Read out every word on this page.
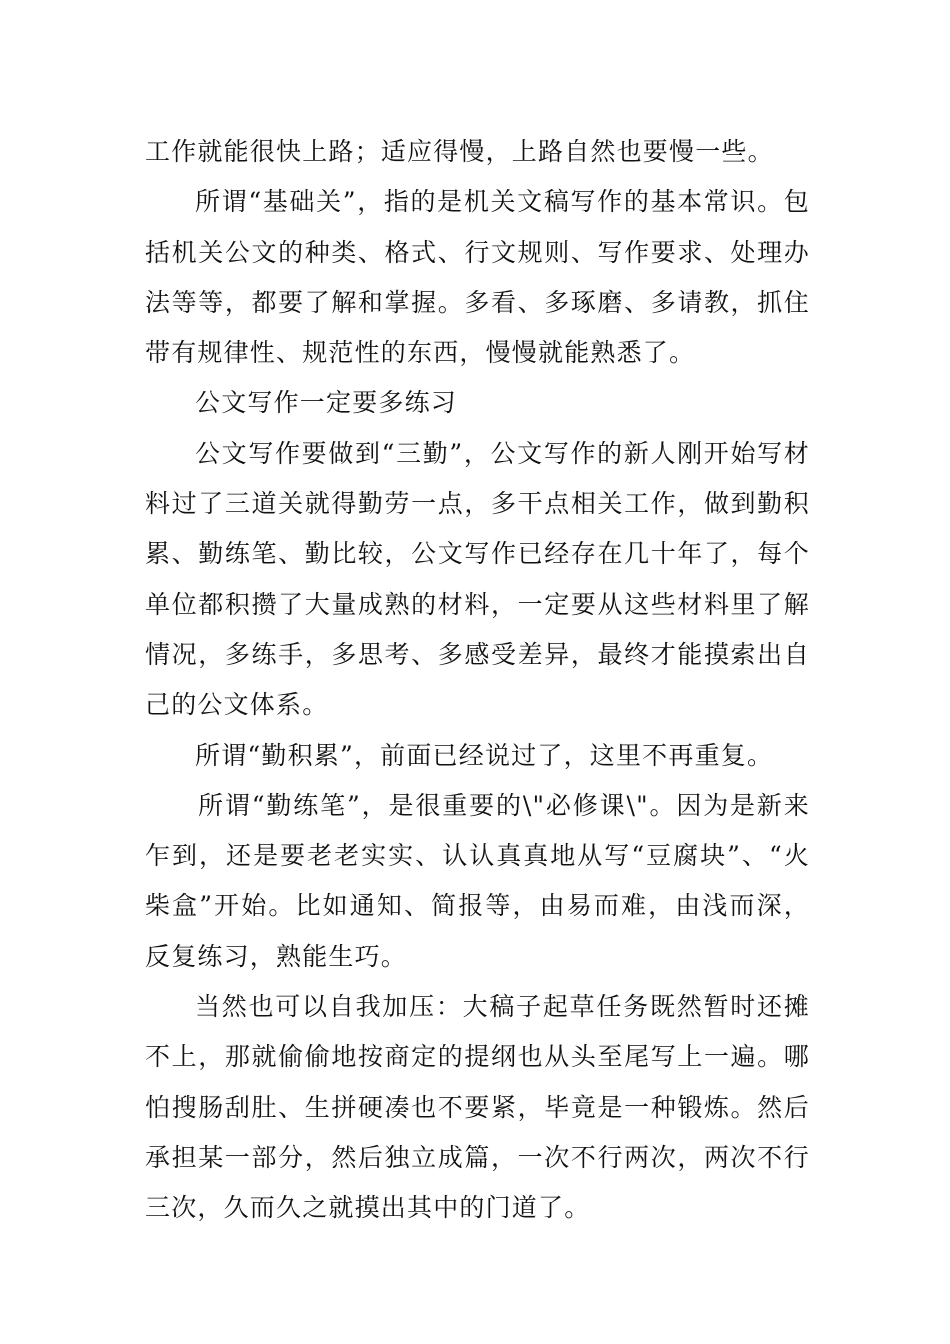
工作就能很快上路；适应得慢，上路自然也要慢一些。

所谓“基础关”，指的是机关文稿写作的基本常识。包括机关公文的种类、格式、行文规则、写作要求、处理办法等等，都要了解和掌握。多看、多琢磨、多请教，抓住带有规律性、规范性的东西，慢慢就能熟悉了。

公文写作一定要多练习

公文写作要做到“三勤”，公文写作的新人刚开始写材料过了三道关就得勤劳一点，多干点相关工作，做到勤积累、勤练笔、勤比较，公文写作已经存在几十年了，每个单位都积攒了大量成熟的材料，一定要从这些材料里了解情况，多练手，多思考、多感受差异，最终才能摸索出自己的公文体系。

所谓“勤积累”，前面已经说过了，这里不再重复。

所谓“勤练笔”，是很重要的\"必修课\"。因为是新来乍到，还是要老老实实、认认真真地从写“豆腐块”、“火柴盒”开始。比如通知、简报等，由易而难，由浅而深，反复练习，熟能生巧。

当然也可以自我加压：大稿子起草任务既然暂时还摊不上，那就偷偷地按商定的提纲也从头至尾写上一遍。哪怕搜肠刮肚、生拼硬凑也不要紧，毕竟是一种锻炼。然后承担某一部分，然后独立成篇，一次不行两次，两次不行三次，久而久之就摸出其中的门道了。
